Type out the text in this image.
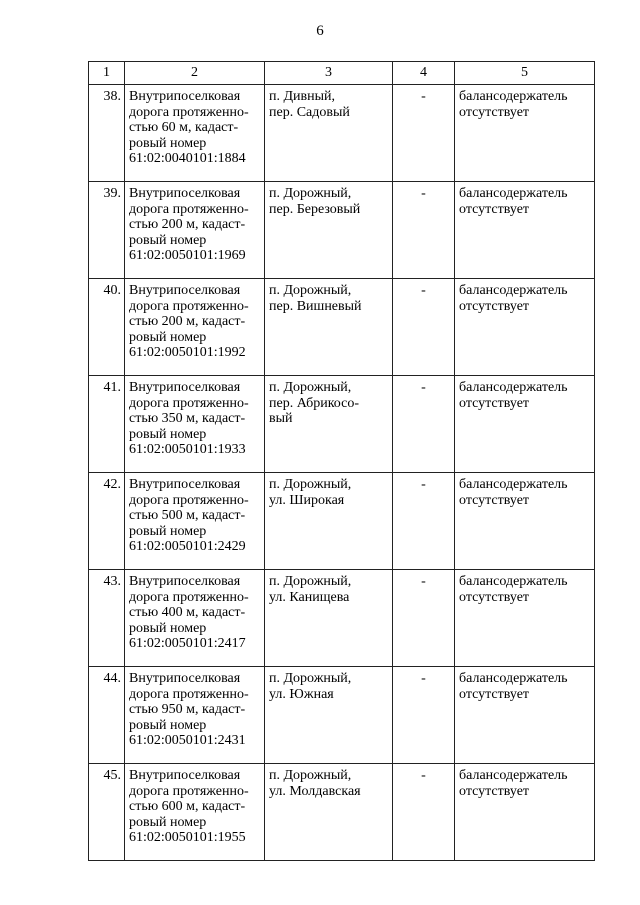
6
1	2	3	4	5
38.	Внутрипоселковая
дорога протяженно-
стью 60 м, кадаст-
ровый номер
61:02:0040101:1884	п. Дивный,
пер. Садовый	-	балансодержатель
отсутствует

39.	Внутрипоселковая
дорога протяженно-
стью 200 м, кадаст-
ровый номер
61:02:0050101:1969	п. Дорожный,
пер. Березовый	-	балансодержатель
отсутствует

40.	Внутрипоселковая
дорога протяженно-
стью 200 м, кадаст-
ровый номер
61:02:0050101:1992	п. Дорожный,
пер. Вишневый	-	балансодержатель
отсутствует

41.	Внутрипоселковая
дорога протяженно-
стью 350 м, кадаст-
ровый номер
61:02:0050101:1933	п. Дорожный,
пер. Абрикосо-
вый	-	балансодержатель
отсутствует

42.	Внутрипоселковая
дорога протяженно-
стью 500 м, кадаст-
ровый номер
61:02:0050101:2429	п. Дорожный,
ул. Широкая	-	балансодержатель
отсутствует

43.	Внутрипоселковая
дорога протяженно-
стью 400 м, кадаст-
ровый номер
61:02:0050101:2417	п. Дорожный,
ул. Канищева	-	балансодержатель
отсутствует

44.	Внутрипоселковая
дорога протяженно-
стью 950 м, кадаст-
ровый номер
61:02:0050101:2431	п. Дорожный,
ул. Южная	-	балансодержатель
отсутствует

45.	Внутрипоселковая
дорога протяженно-
стью 600 м, кадаст-
ровый номер
61:02:0050101:1955	п. Дорожный,
ул. Молдавская	-	балансодержатель
отсутствует
